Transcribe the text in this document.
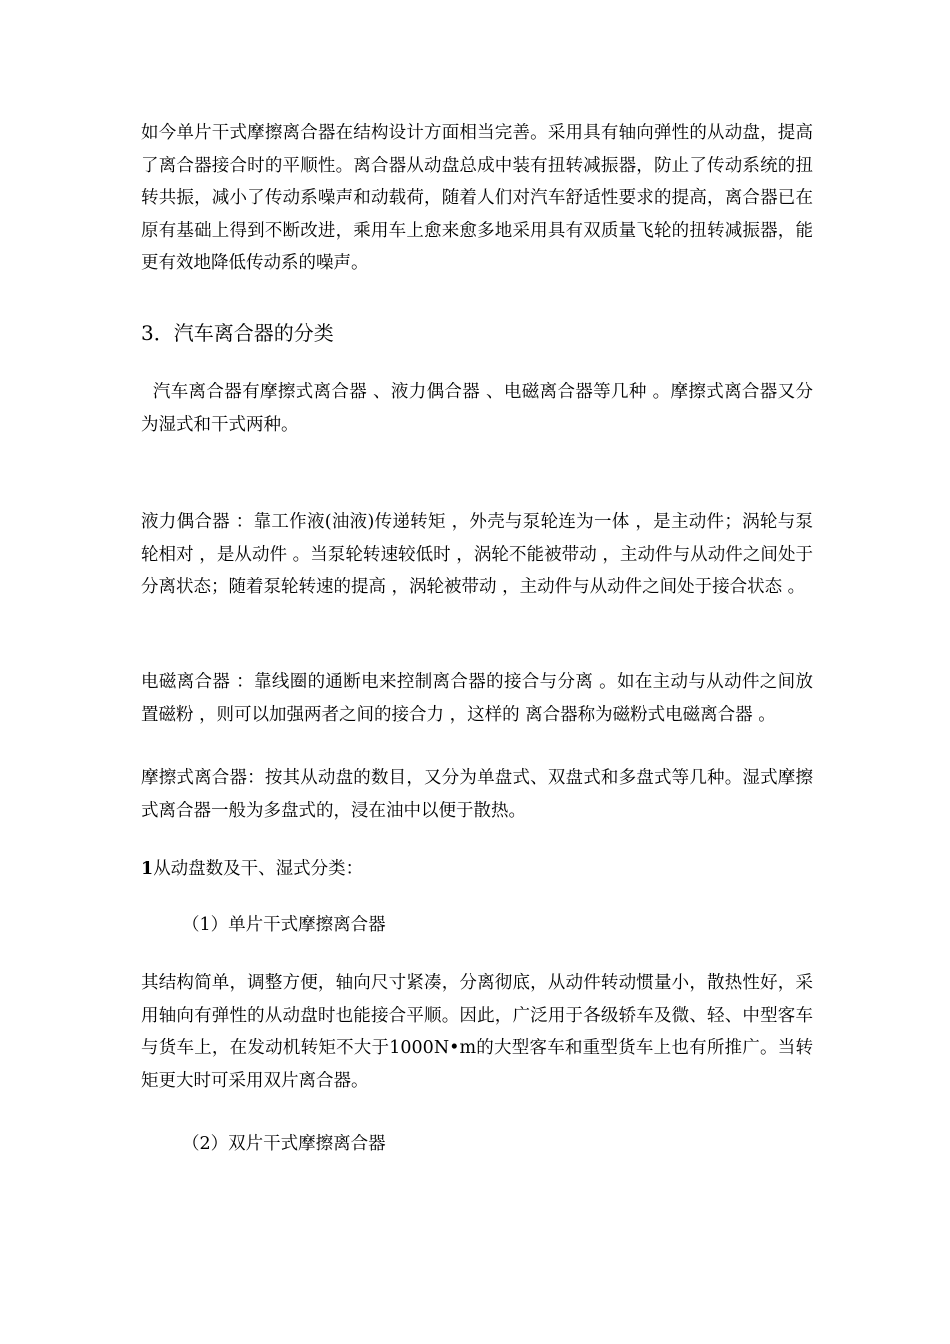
如今单片干式摩擦离合器在结构设计方面相当完善。采用具有轴向弹性的从动盘，提高了离合器接合时的平顺性。离合器从动盘总成中装有扭转减振器，防止了传动系统的扭转共振，减小了传动系噪声和动载荷，随着人们对汽车舒适性要求的提高，离合器已在原有基础上得到不断改进，乘用车上愈来愈多地采用具有双质量飞轮的扭转减振器，能更有效地降低传动系的噪声。

3．汽车离合器的分类

汽车离合器有摩擦式离合器 、液力偶合器 、电磁离合器等几种 。摩擦式离合器又分为湿式和干式两种。

液力偶合器 ：靠工作液(油液)传递转矩 ，外壳与泵轮连为一体 ，是主动件；涡轮与泵轮相对 ，是从动件 。当泵轮转速较低时 ，涡轮不能被带动 ，主动件与从动件之间处于分离状态；随着泵轮转速的提高 ，涡轮被带动 ，主动件与从动件之间处于接合状态 。

电磁离合器 ：靠线圈的通断电来控制离合器的接合与分离 。如在主动与从动件之间放置磁粉 ，则可以加强两者之间的接合力 ，这样的 离合器称为磁粉式电磁离合器 。

摩擦式离合器：按其从动盘的数目，又分为单盘式、双盘式和多盘式等几种。湿式摩擦式离合器一般为多盘式的，浸在油中以便于散热。

1从动盘数及干、湿式分类：

（1）单片干式摩擦离合器

其结构简单，调整方便，轴向尺寸紧凑，分离彻底，从动件转动惯量小，散热性好，采用轴向有弹性的从动盘时也能接合平顺。因此，广泛用于各级轿车及微、轻、中型客车与货车上，在发动机转矩不大于1000N•m的大型客车和重型货车上也有所推广。当转矩更大时可采用双片离合器。

（2）双片干式摩擦离合器
